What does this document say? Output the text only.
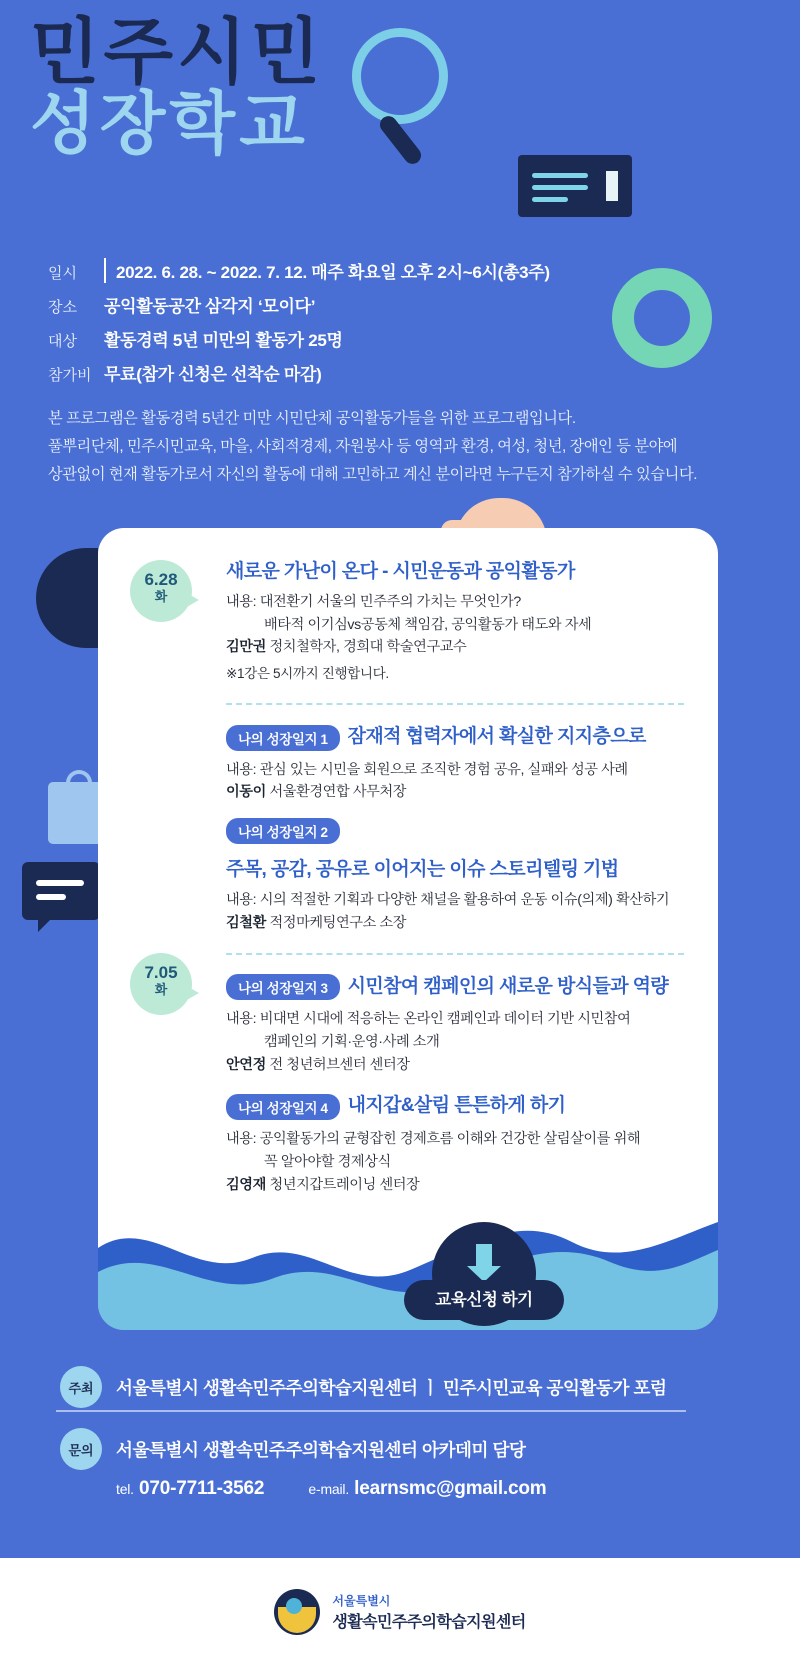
민주시민
성장학교
일시	2022. 6. 28. ~ 2022. 7. 12. 매주 화요일 오후 2시~6시(총3주)
장소	공익활동공간 삼각지 ‘모이다’
대상	활동경력 5년 미만의 활동가 25명
참가비 무료(참가 신청은 선착순 마감)
본 프로그램은 활동경력 5년간 미만 시민단체 공익활동가들을 위한 프로그램입니다.
풀뿌리단체, 민주시민교육, 마을, 사회적경제, 자원봉사 등 영역과 환경, 여성, 청년, 장애인 등 분야에
상관없이 현재 활동가로서 자신의 활동에 대해 고민하고 계신 분이라면 누구든지 참가하실 수 있습니다.
6.28
화
새로운 가난이 온다 - 시민운동과 공익활동가
내용: 대전환기 서울의 민주주의 가치는 무엇인가?
배타적 이기심vs공동체 책임감, 공익활동가 태도와 자세
김만권 정치철학자, 경희대 학술연구교수
※1강은 5시까지 진행합니다.
7.05
화
나의 성장일지 1 잠재적 협력자에서 확실한 지지층으로
내용: 관심 있는 시민을 회원으로 조직한 경험 공유, 실패와 성공 사례
이동이 서울환경연합 사무처장
나의 성장일지 2
주목, 공감, 공유로 이어지는 이슈 스토리텔링 기법
내용: 시의 적절한 기획과 다양한 채널을 활용하여 운동 이슈(의제) 확산하기
김철환 적정마케팅연구소 소장
나의 성장일지 3 시민참여 캠페인의 새로운 방식들과 역량
내용: 비대면 시대에 적응하는 온라인 캠페인과 데이터 기반 시민참여
캠페인의 기획·운영·사례 소개
안연정 전 청년허브센터 센터장
나의 성장일지 4 내지갑&살림 튼튼하게 하기
내용: 공익활동가의 균형잡힌 경제흐름 이해와 건강한 살림살이를 위해
꼭 알아야할 경제상식
김영재 청년지갑트레이닝 센터장
교육신청 하기
주최	서울특별시 생활속민주주의학습지원센터 ㅣ 민주시민교육 공익활동가 포럼
문의	서울특별시 생활속민주주의학습지원센터 아카데미 담당
tel. 070-7711-3562	e-mail. learnsmc@gmail.com
서울특별시
생활속민주주의학습지원센터
